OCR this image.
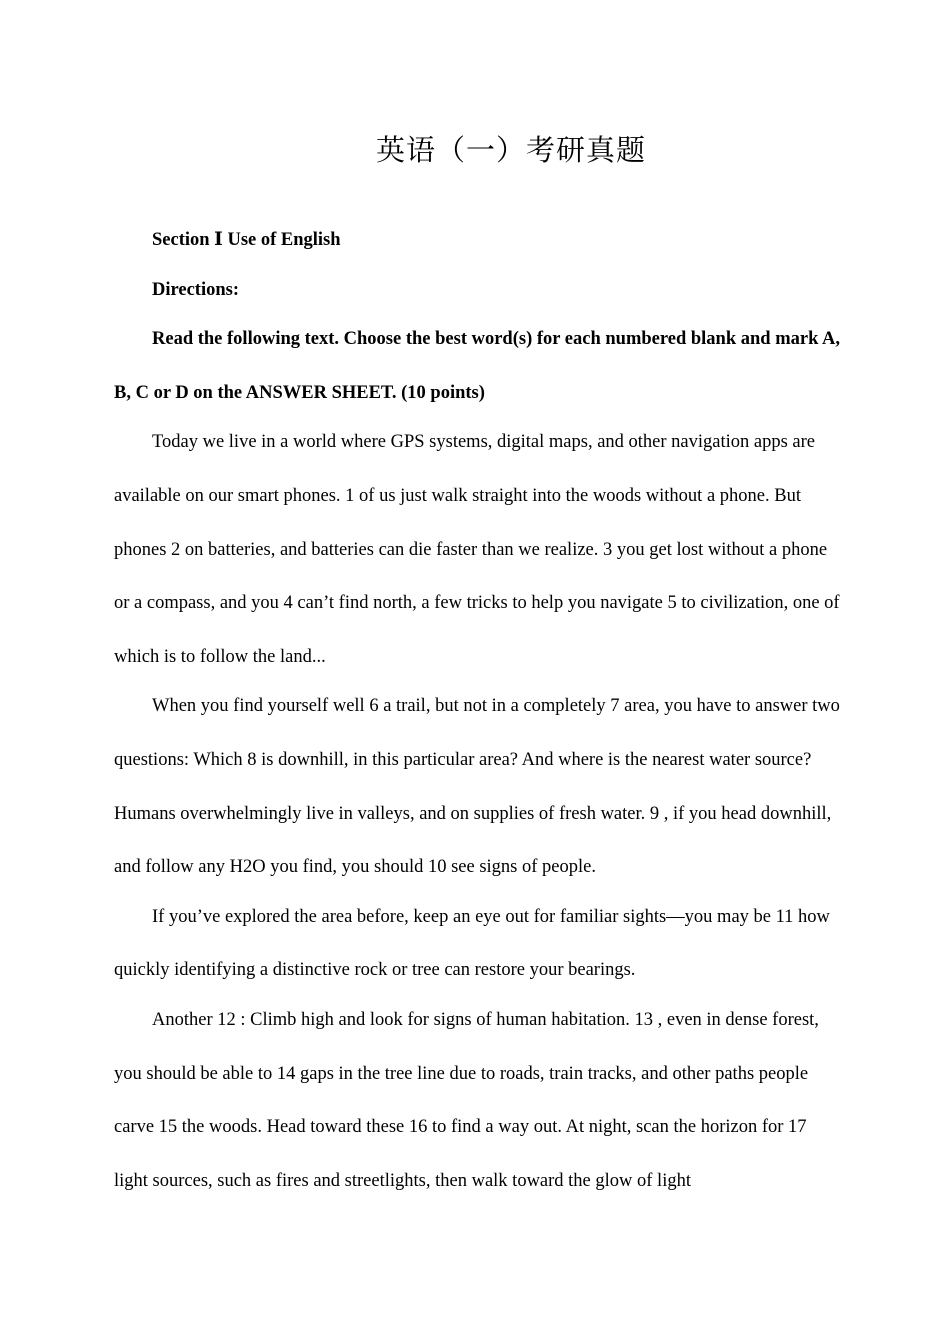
英语（一）考研真题

Section Ⅰ Use of English

Directions:

Read the following text. Choose the best word(s) for each numbered blank and mark A, B, C or D on the ANSWER SHEET. (10 points)

Today we live in a world where GPS systems, digital maps, and other navigation apps are available on our smart phones. 1 of us just walk straight into the woods without a phone. But phones 2 on batteries, and batteries can die faster than we realize. 3 you get lost without a phone or a compass, and you 4 can’t find north, a few tricks to help you navigate 5 to civilization, one of which is to follow the land...

When you find yourself well 6 a trail, but not in a completely 7 area, you have to answer two questions: Which 8 is downhill, in this particular area? And where is the nearest water source? Humans overwhelmingly live in valleys, and on supplies of fresh water. 9 , if you head downhill, and follow any H2O you find, you should 10 see signs of people.

If you’ve explored the area before, keep an eye out for familiar sights—you may be 11 how quickly identifying a distinctive rock or tree can restore your bearings.

Another 12 : Climb high and look for signs of human habitation. 13 , even in dense forest, you should be able to 14 gaps in the tree line due to roads, train tracks, and other paths people carve 15 the woods. Head toward these 16 to find a way out. At night, scan the horizon for 17 light sources, such as fires and streetlights, then walk toward the glow of light
